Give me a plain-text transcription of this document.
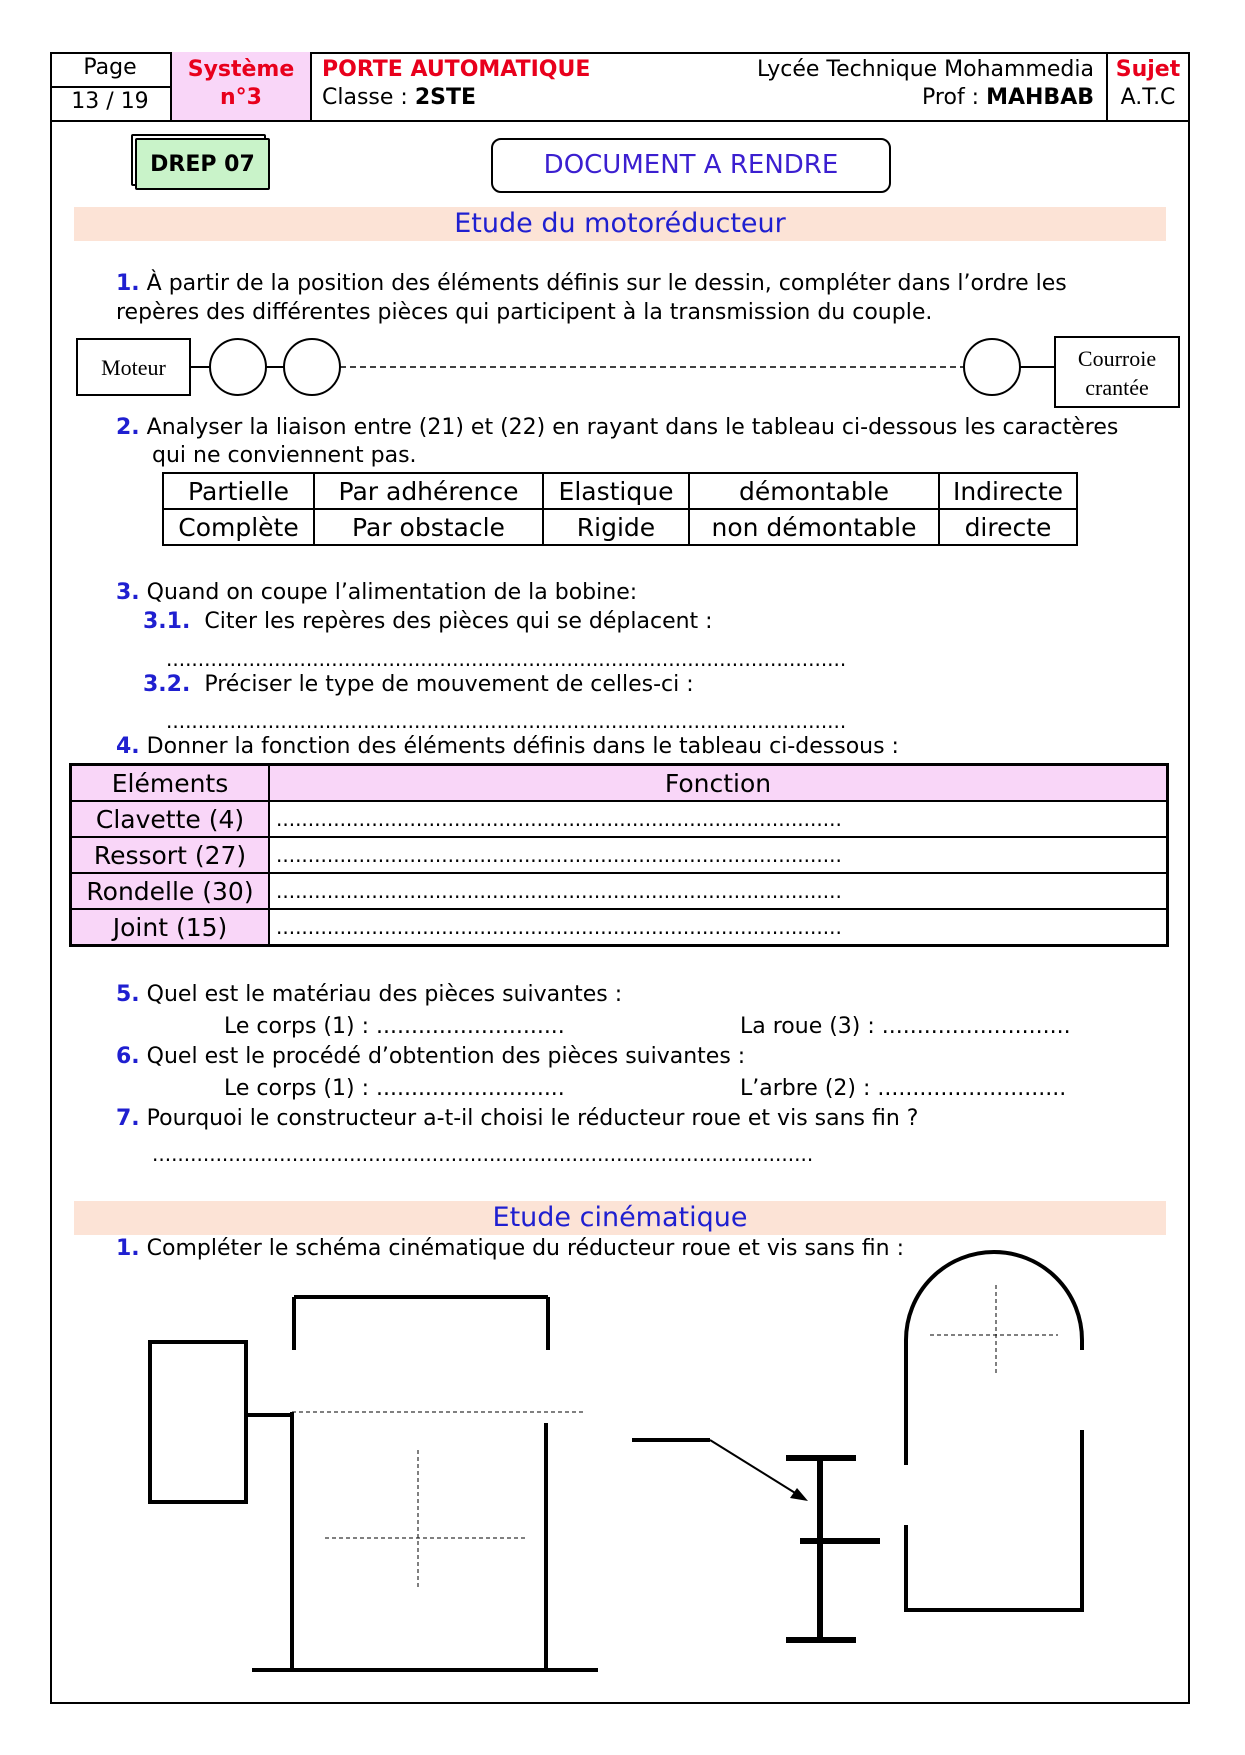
Page
13 / 19
Système
n°3
PORTE AUTOMATIQUE
Classe : 2STE
Lycée Technique Mohammedia
Prof : MAHBAB
Sujet
A.T.C
DREP 07	DOCUMENT A RENDRE
Etude du motoréducteur
1. À partir de la position des éléments définis sur le dessin, compléter dans l’ordre les
repères des différentes pièces qui participent à la transmission du couple.
Moteur	Courroie
crantée
2. Analyser la liaison entre (21) et (22) en rayant dans le tableau ci-dessous les caractères
qui ne conviennent pas.
Partielle	Par adhérence	Elastique	démontable	Indirecte
Complète	Par obstacle	Rigide	non démontable	directe
3. Quand on coupe l’alimentation de la bobine:
3.1. Citer les repères des pièces qui se déplacent :
...........................................................................................................
3.2. Préciser le type de mouvement de celles-ci :
...........................................................................................................
4. Donner la fonction des éléments définis dans le tableau ci-dessous :
Eléments	Fonction
Clavette (4)	.........................................................................................
Ressort (27)	.........................................................................................
Rondelle (30)	.........................................................................................
Joint (15)	.........................................................................................
5. Quel est le matériau des pièces suivantes :
Le corps (1) : ...........................	La roue (3) : ...........................
6. Quel est le procédé d’obtention des pièces suivantes :
Le corps (1) : ...........................	L’arbre (2) : ...........................
7. Pourquoi le constructeur a-t-il choisi le réducteur roue et vis sans fin ?
........................................................................................................
Etude cinématique
1. Compléter le schéma cinématique du réducteur roue et vis sans fin :
